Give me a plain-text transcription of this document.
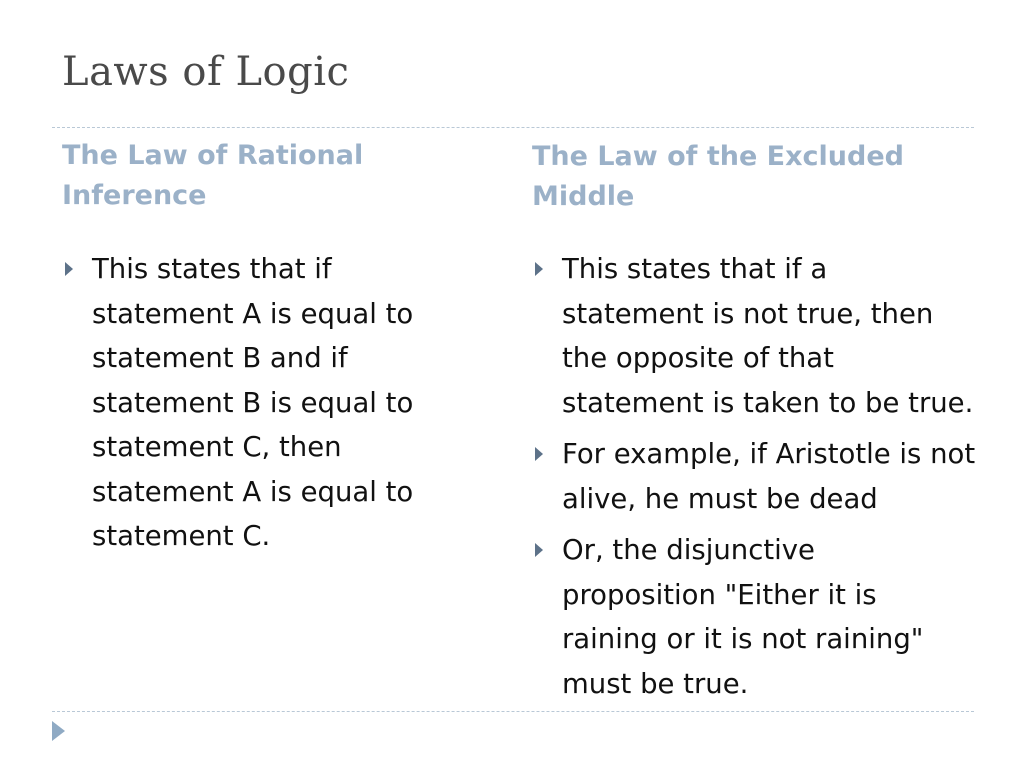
Laws of Logic
The Law of Rational Inference
The Law of the Excluded Middle
This states that if statement A is equal to statement B and if statement B is equal to statement C, then statement A is equal to statement C.
This states that if a statement is not true, then the opposite of that statement is taken to be true.
For example, if Aristotle is not alive, he must be dead
Or, the disjunctive proposition "Either it is raining or it is not raining" must be true.
